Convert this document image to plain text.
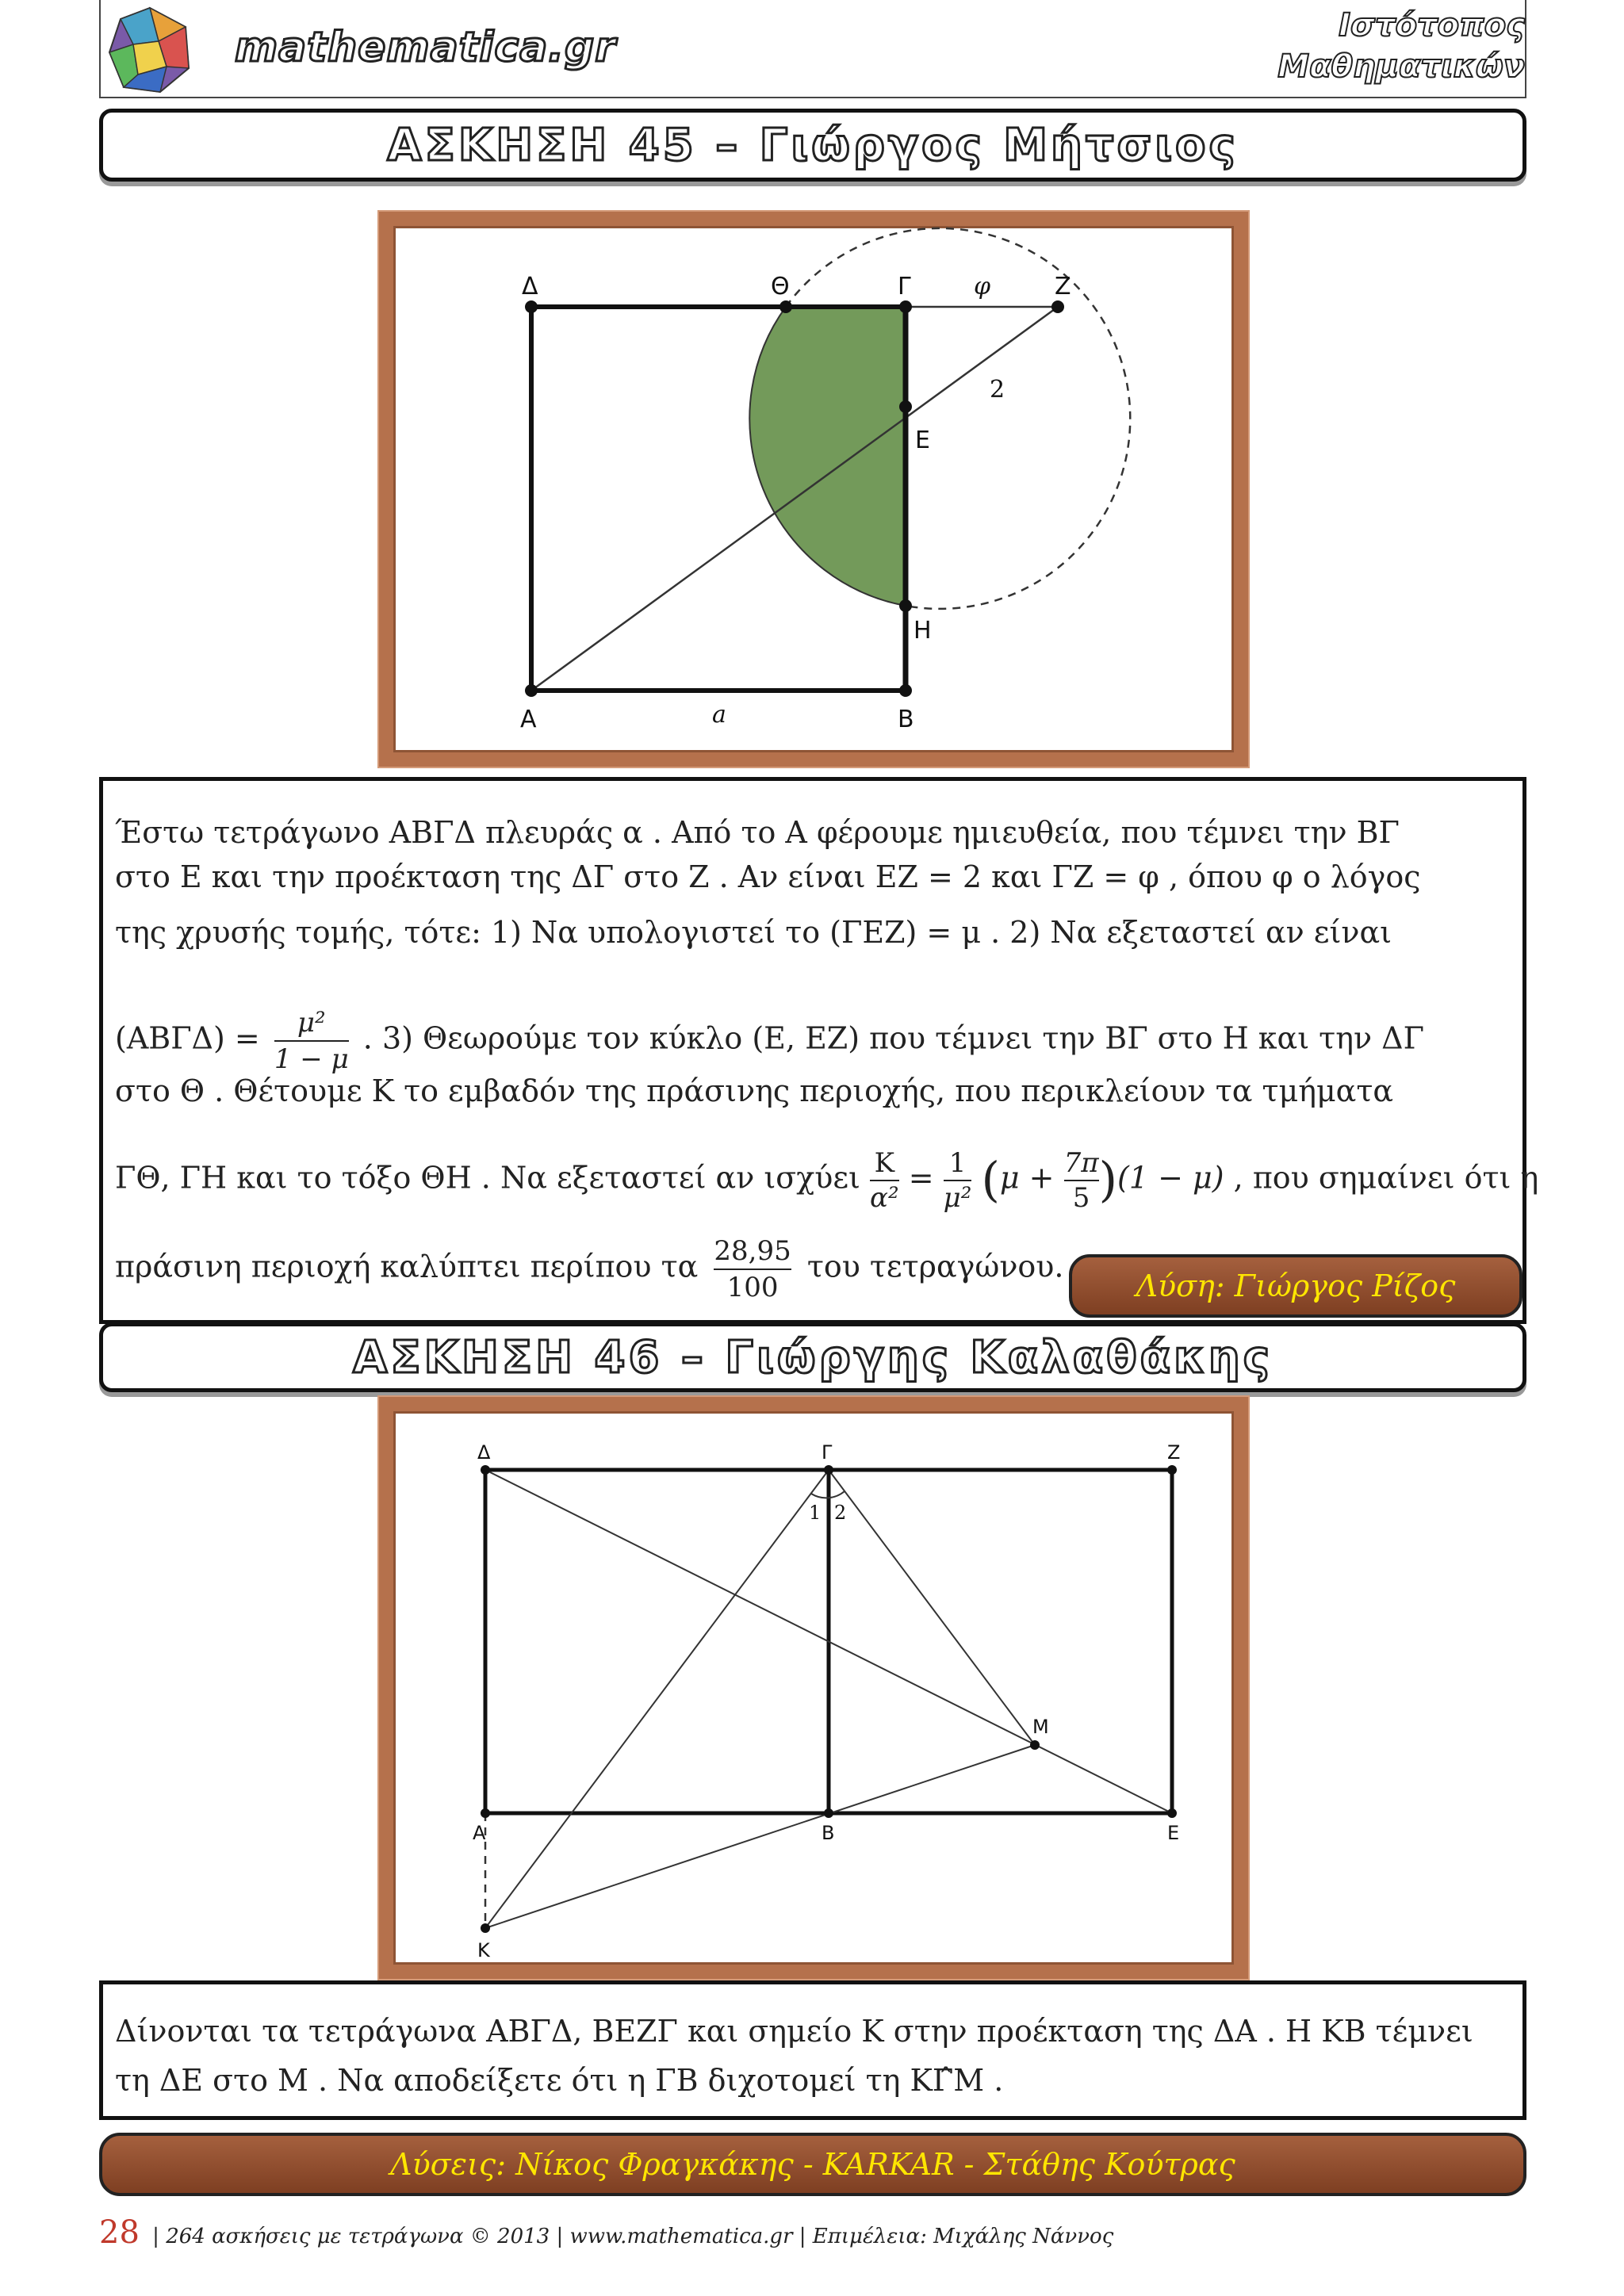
mathematica.gr	Ιστότοπος
Μαθηματικών
ΑΣΚΗΣΗ 45 – Γιώργος Μήτσιος
Δ	Θ	Γ	φ	Ζ
2
Ε
Η
Α	a	Β
Έστω τετράγωνο ΑΒΓΔ πλευράς α . Από το Α φέρουμε ημιευθεία, που τέμνει την ΒΓ
στο Ε και την προέκταση της ΔΓ στο Ζ . Αν είναι ΕΖ = 2 και ΓΖ = φ , όπου φ ο λόγος
της χρυσής τομής, τότε: 1) Να υπολογιστεί το (ΓΕΖ) = μ . 2) Να εξεταστεί αν είναι
$(AB\Gamma\Delta) = \frac{\text{μ²}}{1 - \mu}$ . 3) Θεωρούμε τον κύκλο (Ε, ΕΖ) που τέμνει την ΒΓ στο Η και την ΔΓ
στο Θ . Θέτουμε Κ το εμβαδόν της πράσινης περιοχής, που περικλείουν τα τμήματα
ΓΘ, ΓΗ και το τόξο ΘΗ . Να εξεταστεί αν ισχύει $\frac{K}{\text{α²}} = \frac{1}{\text{μ²}} (\mu + \frac{7\pi}{5} )(1 - \mu)$ , που σημαίνει ότι η
πράσινη περιοχή καλύπτει περίπου τα $\frac{28,95}{100}$ του τετραγώνου.
Λύση: Γιώργος Ρίζος
ΑΣΚΗΣΗ 46 – Γιώργης Καλαθάκης
Δ	Γ	Ζ
1 2
Μ
Α	Β	Ε
Κ
Δίνονται τα τετράγωνα ΑΒΓΔ, ΒΕΖΓ και σημείο Κ στην προέκταση της ΔΑ . Η ΚΒ τέμνει
τη ΔΕ στο Μ . Να αποδείξετε ότι η ΓΒ διχοτομεί τη ΚΓ̂Μ .
Λύσεις: Νίκος Φραγκάκης - KARKAR - Στάθης Κούτρας
28 | 264 ασκήσεις με τετράγωνα © 2013 | www.mathematica.gr | Επιμέλεια: Μιχάλης Νάννος
